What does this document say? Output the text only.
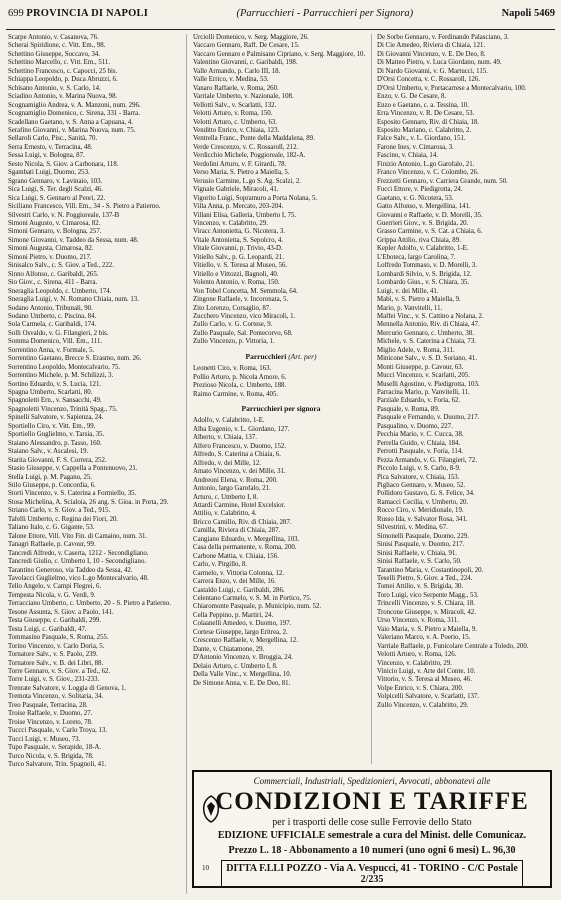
699 PROVINCIA DI NAPOLI	(Parrucchieri - Parrucchieri per Signora)	Napoli 5469
Scarpe Antonio, v. Casanova, 76.
Scherai Spiridione, c. Vitt. Em., 98.
Schettino Giuseppe, Soccavo, 34.
Schettino Marcello, c. Vitt. Em., 511.
Schettino Francesco, c. Capocci, 25 bis.
Schiappa Leopoldo, p. Duca Abruzzi, 6.
Schisano Antonio, v. S. Carlo, 14.
Sciadino Antonio, v. Marina Nuova, 98.
Scognamiglio Andrea, v. A. Manzoni, num. 296.
Scognamiglio Domenico, c. Sirena, 331 - Barra.
Scadellano Gaetano, v. S. Anna a Capuana, 4.
Serafino Giovanni, v. Marina Nuova, num. 75.
Sellaroli Carlo, Pisc., Sanità, 70.
Serra Ernesto, v. Terracina, 48.
Sessa Luigi, v. Bologna, 87.
Sesto Nicola, S. Giov. a Carbonara, 118.
Sgambati Luigi, Duomo, 253.
Sgrano Gennaro, v. Lavinaio, 103.
Sica Luigi, S. Ter. degli Scalzi, 46.
Sica Luigi, S. Gennaro al Peori, 22.
Siciliano Francesco, Vill. Em., 34 - S. Pietro a Patierno.
Silvestri Carlo, v. N. Poggioreale, 137-B
Simoni Augusto, v. Cimarosa, 82.
Simoni Gennaro, v. Bologna, 257.
Simone Giovanni, v. Taddeo da Sessa, num. 48.
Simoni Augusta, Cimarosa, 82.
Simoni Pietro, v. Duomo, 217.
Sinisalco Salv., c. S. Giov. a Ted., 222.
Sinno Alfonso, c. Garibaldi, 265.
Sio Giov., c. Sirena, 411 - Barra.
Sneraglia Leopoldo, c. Umberto, 174.
Sneraglia Luigi, v. N. Romano Chiaia, num. 13.
Sodano Antonio, Tribunali, 90.
Sodano Umberto, c. Piscina, 84.
Sola Carmela, c. Garibaldi, 174.
Solli Osvaldo, v. G. Filangieri, 2 bis.
Somma Domenico, Vill. Em., 111.
Sorrentino Anna, v. Formale, 5.
Sorrentino Gaetano, Brecce S. Erasmo, num. 26.
Sorrentino Leopoldo, Montecalvario, 75.
Sorrentino Michele, p. M. Schilizzi, 3.
Sortino Eduardo, v. S. Lucia, 121.
Spagna Umberto, Scarlatti, 80.
Spagnoletti Ern., v. Sansacchi, 49.
Spagnoletti Vincenzo, Trinità Spag., 75.
Spinelli Salvatore, v. Sapienza, 24.
Sportiello Ciro, v. Vitt. Em., 99.
Sportiello Guglielmo, v. Tarsia, 35.
Staiano Alessandro, p. Tasso, 160.
Staiano Salv., v. Ascalesi, 19.
Starita Giovanni, F. S. Correra, 252.
Stasio Giuseppe, v. Cappella a Pontenuovo, 21.
Stella Luigi, p. M. Pagano, 25.
Stilo Giuseppe, p. Concordia, 6.
Storti Vincenzo, v. S. Caterina a Formiello, 35.
Stosa Michelina, A. Scialoia, 26 ang. S. Gioa. in Porta, 29.
Striano Carlo, v. S. Giov. a Ted., 915.
Tafelli Umberto, c. Regina dei Fiori, 20.
Taliano Italo, c. G. Gigante, 53.
Talone Ettore, Vill. Vito Fin. di Camaino, num. 31.
Tanagri Raffaele, p. Cavour, 99.
Tancredi Alfredo, v. Caserta, 1212 - Secondigliano.
Tancredi Giulio, c. Umberto I, 10 - Secondigliano.
Tarantino Generoso, via Taddeo da Sessa, 42.
Tavolacci Guglielmo, vico L.go Montecalvario, 48.
Tello Angelo, v. Campi Flegrei, 6.
Tempesta Nicola, v. G. Verdi, 9.
Terracciano Umberto, c. Umberto, 20 - S. Pietro a Patierno.
Tesone Assunta, S. Giov. a Paolo, 141.
Testa Giuseppe, c. Garibaldi, 299.
Testa Luigi, c. Garibaldi, 47.
Tommasino Pasquale, S. Roma, 255.
Torino Vincenzo, v. Carlo Doria, 5.
Tornatore Salv., v. S. Paolo, 239.
Tornatore Salv., v. B. dei Libri, 88.
Torre Gennaro, v. S. Giov. a Ted., 62.
Torre Luigi, v. S. Giov., 231-233.
Trenrate Salvatore, v. Loggia di Genova, 1.
Tremota Vincenzo, v. Solitaria, 34.
Treo Pasquale, Terracina, 28.
Troise Raffaele, v. Duomo, 27.
Troise Vincenzo, v. Loreto, 78.
Tuccci Pasquale, v. Carlo Troya, 13.
Tucci Luigi, v. Museo, 73.
Tupo Pasquale, v. Serapide, 18-A.
Turco Nicola, v. S. Brigida, 78.
Turco Salvatore, Trin. Spagnoli, 41.
Urciolli Domenico, v. Serg. Maggiore, 26.
Vaccaro Gennaro, Raff. De Cesare, 15.
Vaccaro Gennaro e Palmisano Cipriano, v. Serg. Maggiore, 10.
Valentino Giovanni, c. Garibaldi, 198.
Valle Armando, p. Carlo III, 18.
Valle Errico, v. Medina, 53.
Vanaro Raffaele, v. Roma, 260.
Varriale Umberto, v. Nazionale, 108.
Vellotti Salv., v. Scarlatti, 132.
Velotti Arturo, v. Roma, 150.
Velotti Arturo, c. Umberto, 63.
Venditto Enrico, v. Chiaia, 123.
Ventrella Franc., Ponte della Maddalena, 89.
Verde Crescenzo, v. C. Rossaroll, 212.
Verdicchio Michele, Poggioreale, 182-A.
Verdolini Arturo, v. F. Girardi, 78.
Verso Maria, S. Pietro a Maiella, 5.
Verusio Carmine, L.go S. Ag. Scalzi, 2.
Vignale Gabriele, Miracoli, 41.
Vigorito Luigi, Sopramuro a Porta Nolana, 5.
Villa Anna, p. Mercato, 203-204.
Villani Elisa, Galleria, Umberto I, 75.
Vincenzo, v. Calabritto, 29.
Viracc Antonietta, G. Nicotera, 3.
Vitale Antonietta, S. Sepolcro, 4.
Vitale Giovanni, p. Trivio, 43-D.
Vitiello Salv., p. G. Leopardi, 21.
Vitiello, v. S. Teresa al Museo, 56.
Vitiello e Vittozzi, Bagnoli, 40.
Volento Antonio, v. Roma, 150.
Von Tobel Concetta, M. Semmola, 64.
Zingone Raffaele, v. Incoronata, 5.
Zito Lorenzo, Corsaglio, 87.
Zucchero Vincenzo, vico Miracoli, 1.
Zullo Carlo, v. G. Cortese, 9.
Zullo Pasquale, Sal. Pontecorvo, 68.
Zullo Vincenzo, p. Vittoria, 1.
Parrucchieri (Art. per)
Leonetti Ciro, v. Roma, 163.
Pollio Arturo, p. Nicola Amore, 6.
Prezioso Nicola, c. Umberto, 188.
Raimo Carmine, v. Roma, 405.
Parrucchieri per signora
Adolfo, v. Calabritto, 1-E.
Alba Eugenio, v. L. Giordano, 127.
Alberto, v. Chiaia, 137.
Alfero Francesco, v. Duomo, 152.
Alfredo, S. Caterina a Chiaia, 6.
Alfredo, v. dei Mille, 12.
Amato Vincenzo, v. dei Mille, 31.
Andreoni Elena, v. Roma, 200.
Antonio, largo Garofalo, 21.
Arturo, c. Umberto I, 8.
Attardi Carmine, Hotel Excelsior.
Attilio, v. Calabritto, 4.
Bricco Camillo, Riv. di Chiaia, 287.
Camilla, Riviera di Chiaia, 287.
Cangiano Eduardo, v. Mergellina, 103.
Casa della permanente, v. Roma, 200.
Carbone Mattia, v. Chiaia, 156.
Carlo, v. Pirgillo, 8.
Carmelo, v. Vittoria Colonna, 12.
Carrera Enzo, v. dei Mille, 16.
Castaldo Luigi, c. Garibaldi, 286.
Celentano Carmelo, v. S. M. in Portico, 75.
Chiaromonte Pasquale, p. Municipio, num. 52.
Cella Peppino, p. Martiri, 24.
Colaanelli Amedeo, v. Duomo, 197.
Cortese Giuseppe, largo Eritrea, 2.
Crescenzo Raffaele, v. Mergellina, 12.
Dante, v. Chiatamone, 29.
D'Antonio Vincenzo, v. Broggia, 24.
Delaio Arturo, c. Umberto I, 8.
Della Valle Vinc., v. Mergellina, 10.
De Simone Anna, v. E. De Deo, 81.
De Sorbo Gennaro, v. Ferdinando Palasciano, 3.
Di Cie Amedeo, Riviera di Chiaia, 121.
Di Giovanni Vincenzo, v. E. De Deo, 8.
Di Matteo Pietro, v. Luca Giordano, num. 49.
Di Nardo Giovanni, v. G. Martucci, 115.
D'Orsi Concetta, v. C. Rossaroll, 126.
D'Orsi Umberto, v. Portacarrese a Montecalvario, 100.
Enzo, v. G. De Cesare, 8.
Enzo e Gaetano, c. a. Tessina, 10.
Erra Vincenzo, v. R. De Cesare, 53.
Esposito Gennaro, Riv. di Chiaia, 18.
Esposito Mariano, c. Calabritto, 2.
Falce Salv., v. L. Giordano, 151.
Farone Ines, v. Cimarosa, 3.
Fascino, v. Chiaia, 14.
Finizio Antonio, L.go Garofalo, 21.
Franco Vincenzo, v. C. Colombo, 26.
Frezzetti Gennaro, v. Carriera Grande, num. 50.
Fucci Ettore, v. Piedigrotta, 24.
Gaetano, v. G. Nicotera, 53.
Gatto Alfonso, v. Mergellina, 141.
Giovanni e Raffaele, v. D. Morelli, 35.
Guerrieri Giov., v. S. Brigida, 20.
Grasso Carmine, v. S. Cat. a Chiaia, 6.
Grippa Attilio, riva Chiaia, 89.
Kepler Adolfo, v. Calabritto, 1-E.
L'Eboteca, largo Carolina, 7.
Loffredo Tommaso, v. D. Morelli, 3.
Lombardi Silvio, v. S. Brigida, 12.
Lombardo Gius., v. S. Chiara, 35.
Luigi, v. dei Mille, 41.
Mabì, v. S. Pietro a Maiella, 9.
Mario, p. Vanvitelli, 11.
Maffei Vinc., v. S. Cattino a Nolana, 2.
Mennella Antonio, Riv. di Chiaia, 47.
Mercurio Gennaro, c. Umberto, 38.
Michele, v. S. Caterina a Chiaia, 73.
Miglio Adele, v. Roma, 311.
Minicone Salv., v. S. D. Soriano, 41.
Monti Giuseppe, p. Cavour, 63.
Mucci Vincenzo, v. Scarlatti, 205.
Muselli Agostino, v. Piedigrotta, 103.
Parracina Mario, p. Vanvitelli, 11.
Parziale Eduardo, v. Foria, 62.
Pasquale, v. Roma, 89.
Pasquale e Fernando, v. Duomo, 217.
Pasqualino, v. Duomo, 227.
Pecchia Mario, v. C. Cucca, 38.
Perrella Guido, v. Chiaia, 184.
Perrotti Pasquale, v. Foria, 114.
Pezza Armando, v. G. Filangieri, 72.
Piccolo Luigi, v. S. Carlo, 8-9.
Pica Salvatore, v. Chiaia, 153.
Pigliaco Gennaro, v. Museo, 52.
Pollidoro Gustavo, G. S. Felice, 34.
Ramacci Cecilia, v. Umberto, 20.
Rocco Ciro, v. Meridionale, 19.
Russo Ida, v. Salvator Rosa, 341.
Silvestrini, v. Medina, 67.
Simonelli Pasquale, Duomo, 229.
Sinisi Pasquale, v. Duomo, 217.
Sinisi Raffaele, v. Chiaia, 91.
Sinisi Raffaele, v. S. Carlo, 50.
Tarantino Maria, v. Costantinopoli, 20.
Teselli Pietro, S. Giov. a Ted., 224.
Tomei Attilio, v. S. Brigida, 30.
Toro Luigi, vico Serpente Magg., 53.
Trincelli Vincenzo, v. S. Chiara, 18.
Troncone Giuseppe, v. Miracoli, 42.
Urso Vincenzo, v. Roma, 311.
Vaio Maria, v. S. Pietro a Maiella, 9.
Valeriano Marco, v. A. Poerio, 15.
Varriale Raffaele, p. Funicolare Centrale a Toledo, 200.
Velotti Arturo, v. Roma, 126.
Vincenzo, v. Calabritto, 29.
Vinicio Luigi, v. Arte del Conte, 10.
Vittorio, v. S. Teresa al Museo, 46.
Volpe Enrico, v. S. Chiara, 200.
Volpicelli Salvatore, v. Scarlatti, 137.
Zullo Vincenzo, v. Calabritto, 29.
10
Commerciali, Industriali, Spedizionieri, Avvocati, abbonatevi alle
CONDIZIONI E TARIFFE
per i trasporti delle cose sulle Ferrovie dello Stato
EDIZIONE UFFICIALE semestrale a cura del Minist. delle Comunicaz.
Prezzo L. 18 - Abbonamento a 10 numeri (uno ogni 6 mesi) L. 96,30
DITTA F.LLI POZZO - Via A. Vespucci, 41 - TORINO - C/C Postale 2/235
